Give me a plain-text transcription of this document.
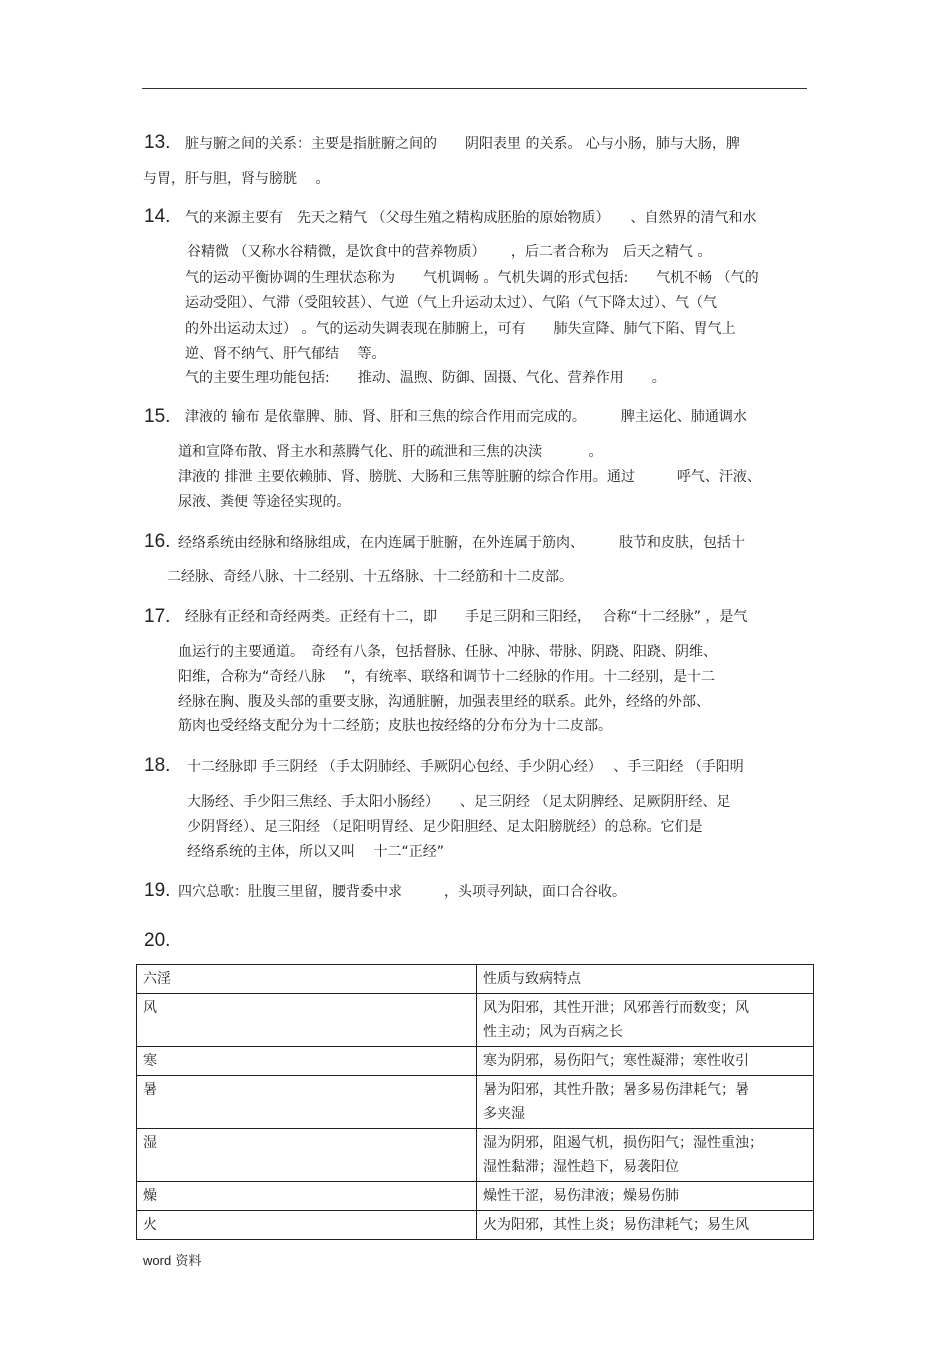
13. 脏与腑之间的关系：主要是指脏腑之间的　　阴阳表里 的关系。 心与小肠，肺与大肠，脾
与胃，肝与胆，肾与膀胱　 。
14. 气的来源主要有　先天之精气 （父母生殖之精构成胚胎的原始物质）　　、自然界的清气和水
谷精微 （又称水谷精微，是饮食中的营养物质）　　 ，后二者合称为　后天之精气 。
气的运动平衡协调的生理状态称为　　气机调畅 。气机失调的形式包括:　　气机不畅 （气的
运动受阻）、气滞（受阻较甚）、气逆（气上升运动太过）、气陷（气下降太过）、气（气
的外出运动太过） 。气的运动失调表现在肺腑上，可有　　肺失宣降、肺气下陷、胃气上
逆、肾不纳气、肝气郁结　 等。
气的主要生理功能包括:　　推动、温煦、防御、固摄、气化、营养作用　　。
15. 津液的 输布 是依靠脾、肺、肾、肝和三焦的综合作用而完成的。　　　脾主运化、肺通调水
道和宣降布散、肾主水和蒸腾气化、肝的疏泄和三焦的决渎　　　 。
津液的 排泄 主要依赖肺、肾、膀胱、大肠和三焦等脏腑的综合作用。通过　　　呼气、汗液、
尿液、粪便 等途径实现的。
16. 经络系统由经脉和络脉组成，在内连属于脏腑，在外连属于筋肉、　　　肢节和皮肤，包括十
二经脉、奇经八脉、十二经别、十五络脉、十二经筋和十二皮部。
17. 经脉有正经和奇经两类。正经有十二，即　　手足三阴和三阳经，　 合称“十二经脉” ，是气
血运行的主要通道。　奇经有八条，包括督脉、任脉、冲脉、带脉、阴跷、阳跷、阴维、
阳维，合称为“奇经八脉　 ”，有统率、联络和调节十二经脉的作用。十二经别，是十二
经脉在胸、腹及头部的重要支脉，沟通脏腑，加强表里经的联系。此外，经络的外部、
筋肉也受经络支配分为十二经筋；皮肤也按经络的分布分为十二皮部。
18. 十二经脉即 手三阴经 （手太阴肺经、手厥阴心包经、手少阴心经）　 、手三阳经 （手阳明
大肠经、手少阳三焦经、手太阳小肠经）　　、足三阴经 （足太阴脾经、足厥阴肝经、足
少阴肾经）、足三阳经 （足阳明胃经、足少阳胆经、足太阳膀胱经）的总称。它们是
经络系统的主体，所以又叫　 十二“正经”
19. 四穴总歌：肚腹三里留，腰背委中求　　　，头项寻列缺，面口合谷收。
20.
六淫	性质与致病特点
风	风为阳邪，其性开泄；风邪善行而数变；风
性主动；风为百病之长

寒	寒为阴邪，易伤阳气；寒性凝滞；寒性收引

暑	暑为阳邪，其性升散；暑多易伤津耗气；暑
多夹湿

湿	湿为阴邪，阻遏气机，损伤阳气；湿性重浊；
湿性黏滞；湿性趋下，易袭阳位

燥	燥性干涩，易伤津液；燥易伤肺

火	火为阳邪，其性上炎；易伤津耗气；易生风
word 资料
